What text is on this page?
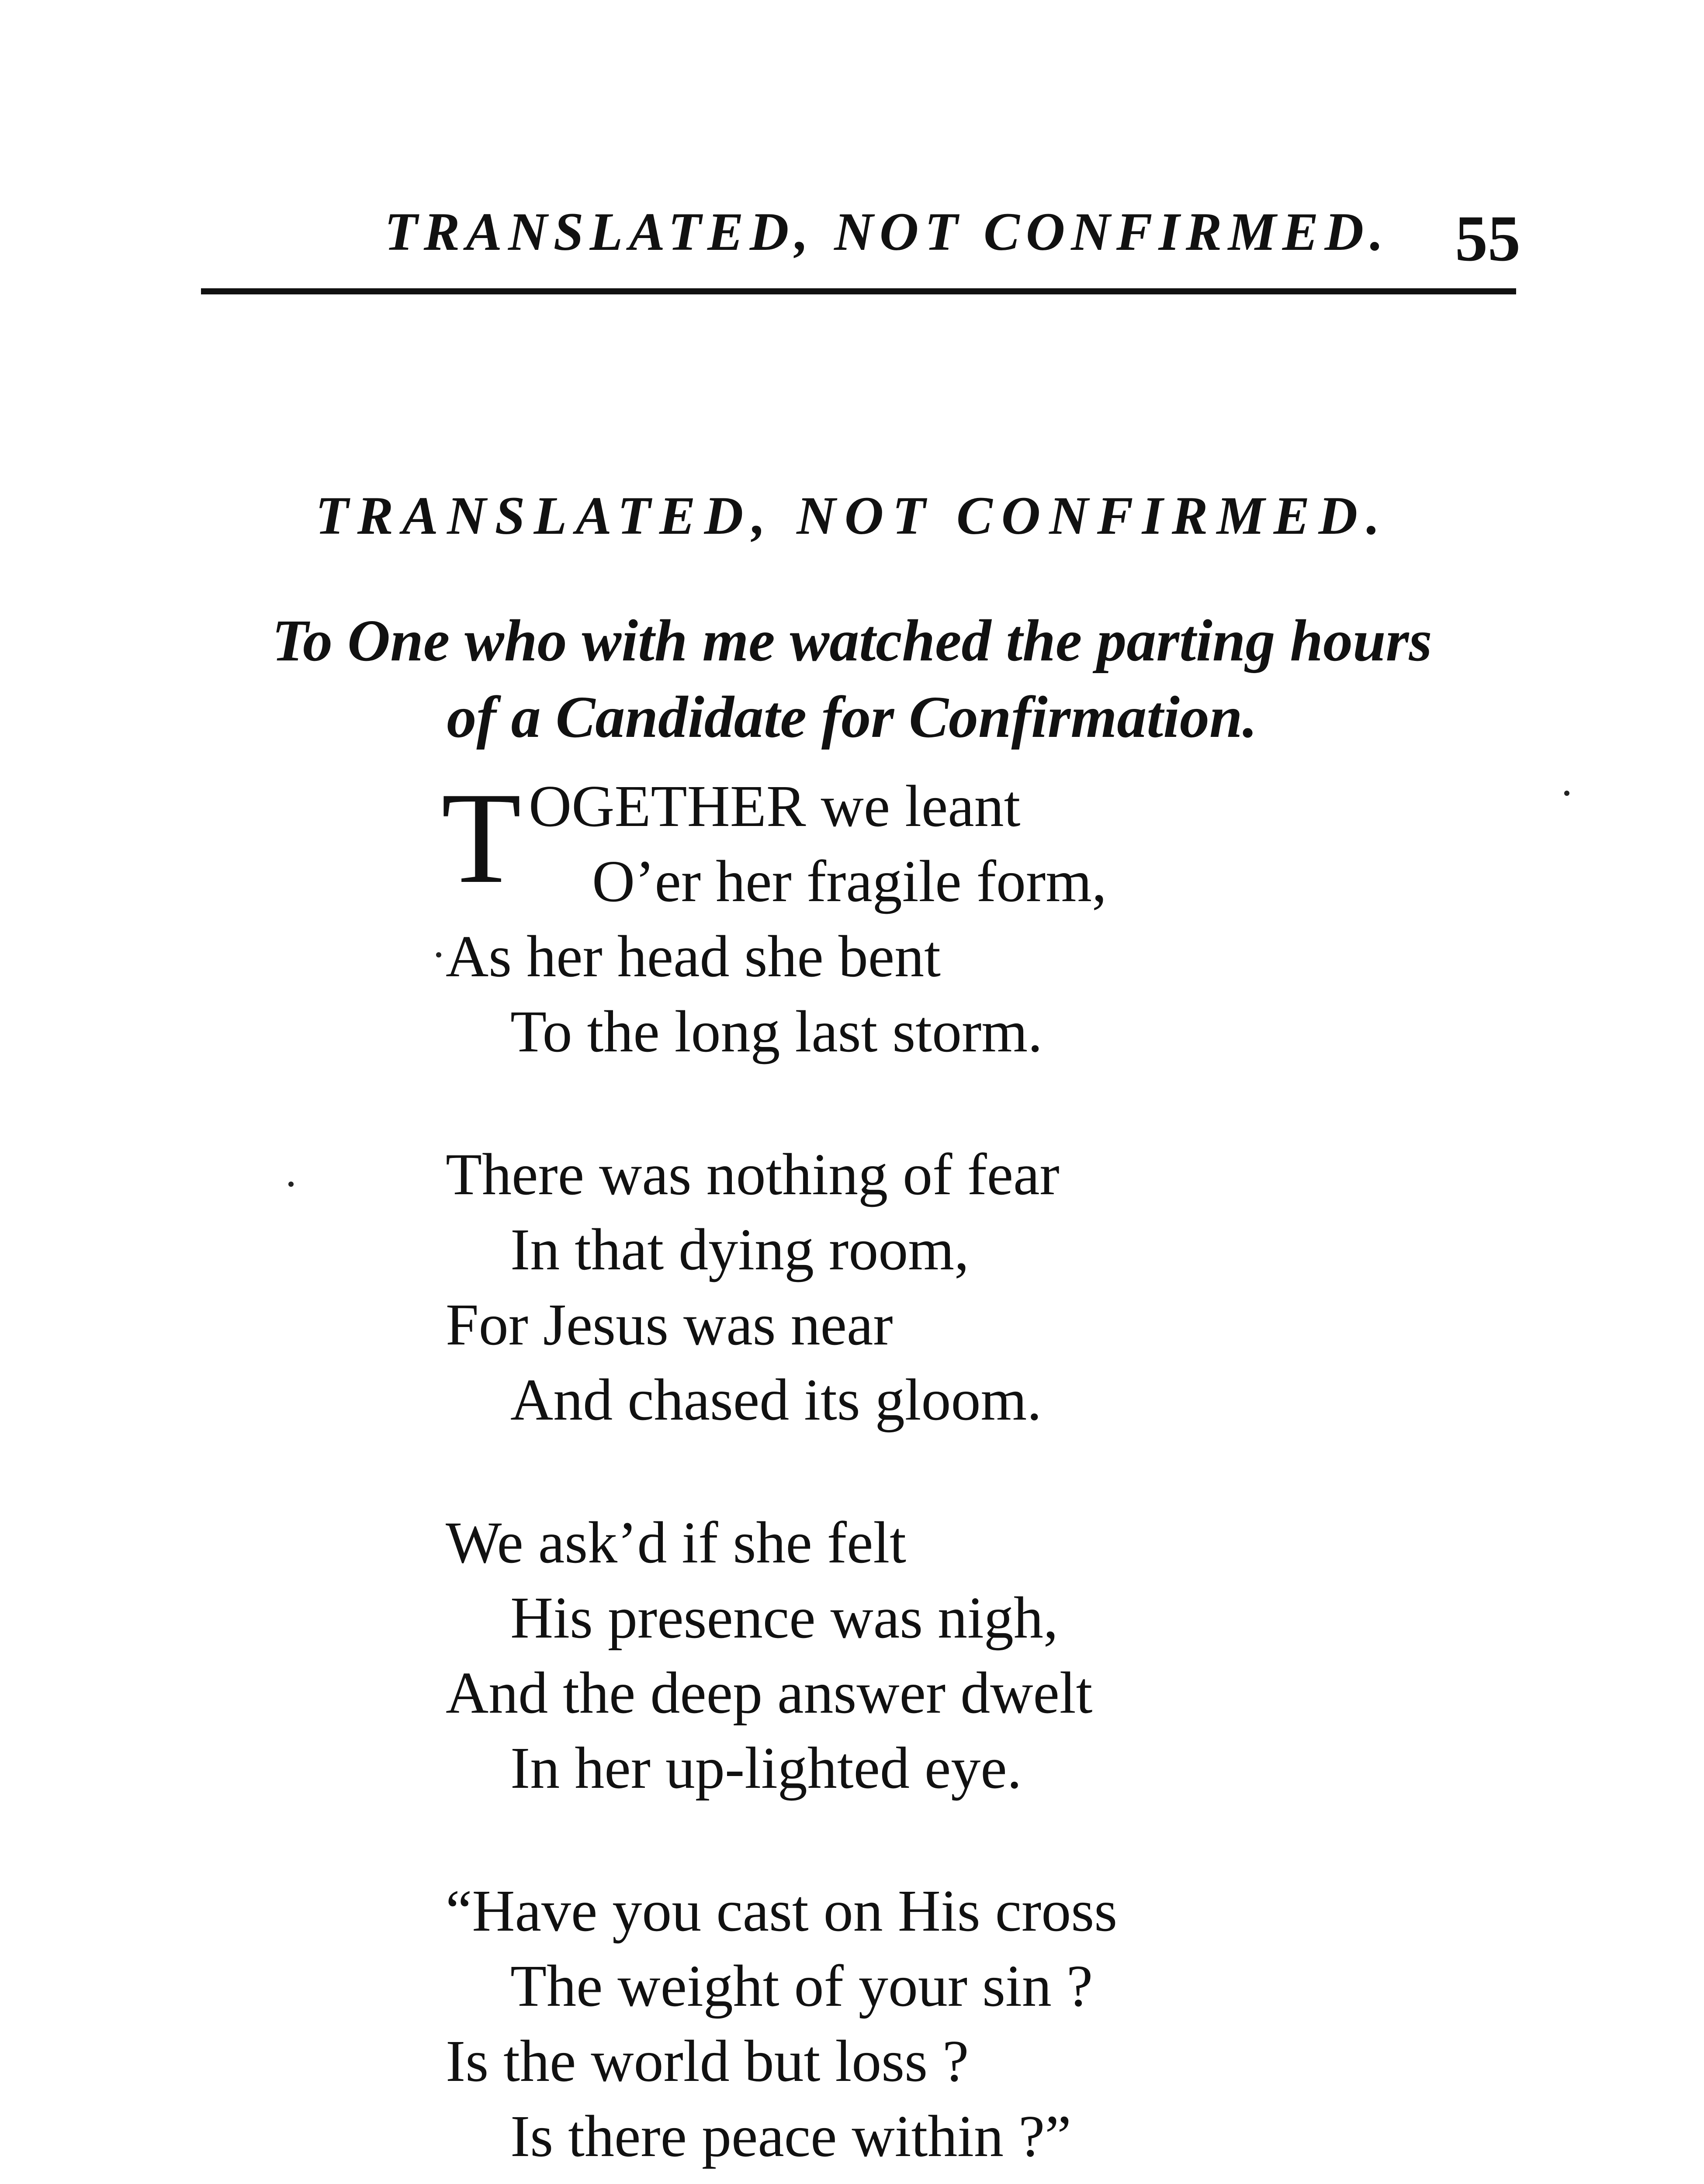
TRANSLATED, NOT CONFIRMED. 55
TRANSLATED, NOT CONFIRMED.
To One who with me watched the parting hours
of a Candidate for Confirmation.
T OGETHER we leant
O’er her fragile form,
As her head she bent
To the long last storm.
There was nothing of fear
In that dying room,
For Jesus was near
And chased its gloom.
We ask’d if she felt
His presence was nigh,
And the deep answer dwelt
In her up-lighted eye.
“Have you cast on His cross
The weight of your sin ?
Is the world but loss ?
Is there peace within ?”
